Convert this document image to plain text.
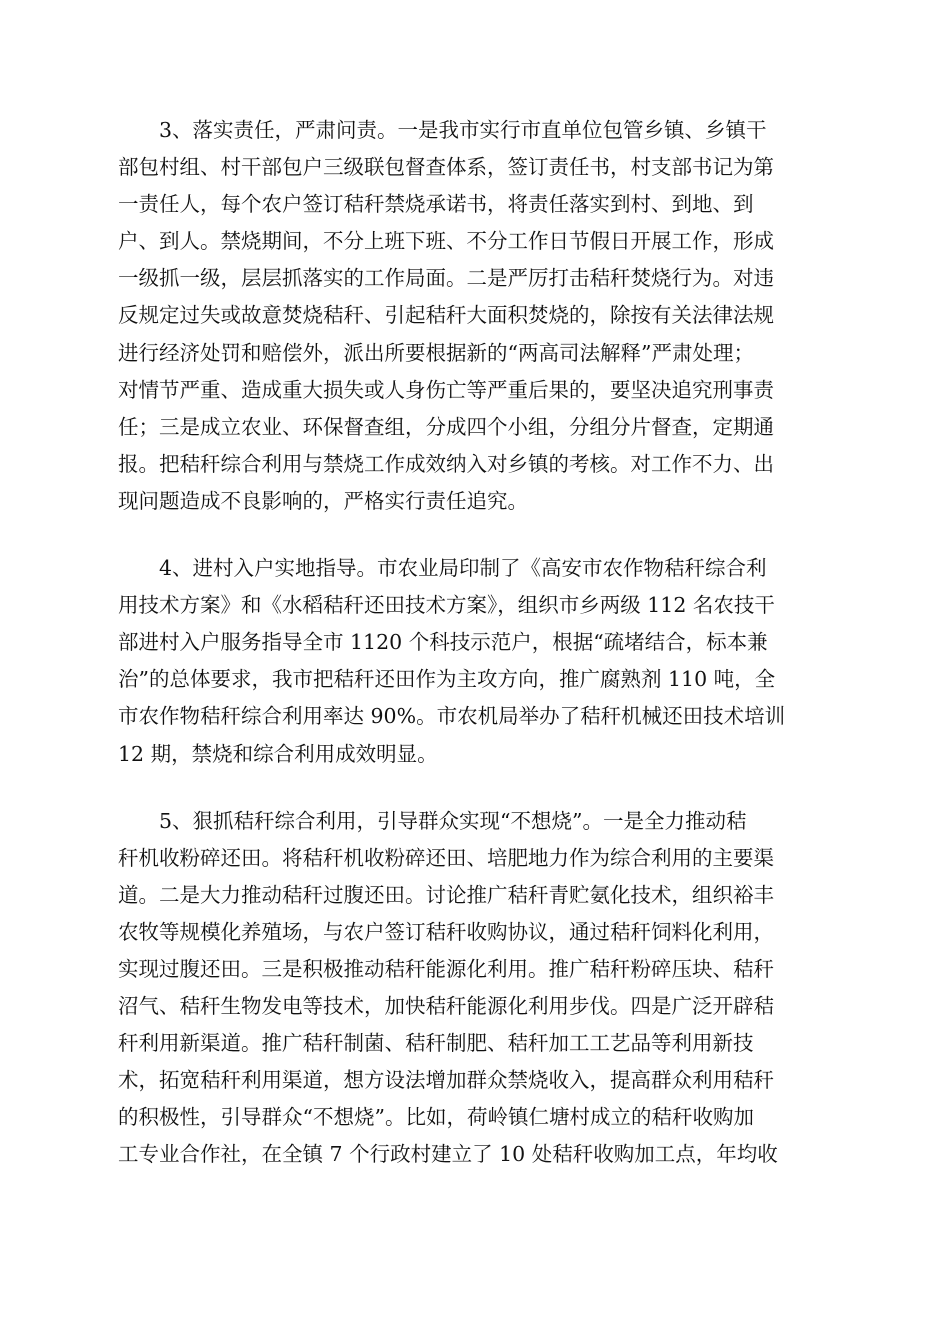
3、落实责任，严肃问责。一是我市实行市直单位包管乡镇、乡镇干
部包村组、村干部包户三级联包督查体系，签订责任书，村支部书记为第
一责任人，每个农户签订秸秆禁烧承诺书，将责任落实到村、到地、到
户、到人。禁烧期间，不分上班下班、不分工作日节假日开展工作，形成
一级抓一级，层层抓落实的工作局面。二是严厉打击秸秆焚烧行为。对违
反规定过失或故意焚烧秸秆、引起秸秆大面积焚烧的，除按有关法律法规
进行经济处罚和赔偿外，派出所要根据新的“两高司法解释”严肃处理；
对情节严重、造成重大损失或人身伤亡等严重后果的，要坚决追究刑事责
任；三是成立农业、环保督查组，分成四个小组，分组分片督查，定期通
报。把秸秆综合利用与禁烧工作成效纳入对乡镇的考核。对工作不力、出
现问题造成不良影响的，严格实行责任追究。

4、进村入户实地指导。市农业局印制了《高安市农作物秸秆综合利
用技术方案》和《水稻秸秆还田技术方案》，组织市乡两级 112 名农技干
部进村入户服务指导全市 1120 个科技示范户，根据“疏堵结合，标本兼
治”的总体要求，我市把秸秆还田作为主攻方向，推广腐熟剂 110 吨，全
市农作物秸秆综合利用率达 90%。市农机局举办了秸秆机械还田技术培训
12 期，禁烧和综合利用成效明显。

5、狠抓秸秆综合利用，引导群众实现“不想烧”。一是全力推动秸
秆机收粉碎还田。将秸秆机收粉碎还田、培肥地力作为综合利用的主要渠
道。二是大力推动秸秆过腹还田。讨论推广秸秆青贮氨化技术，组织裕丰
农牧等规模化养殖场，与农户签订秸秆收购协议，通过秸秆饲料化利用，
实现过腹还田。三是积极推动秸秆能源化利用。推广秸秆粉碎压块、秸秆
沼气、秸秆生物发电等技术，加快秸秆能源化利用步伐。四是广泛开辟秸
秆利用新渠道。推广秸秆制菌、秸秆制肥、秸秆加工工艺品等利用新技
术，拓宽秸秆利用渠道，想方设法增加群众禁烧收入，提高群众利用秸秆
的积极性，引导群众“不想烧”。比如，荷岭镇仁塘村成立的秸秆收购加
工专业合作社，在全镇 7 个行政村建立了 10 处秸秆收购加工点，年均收
